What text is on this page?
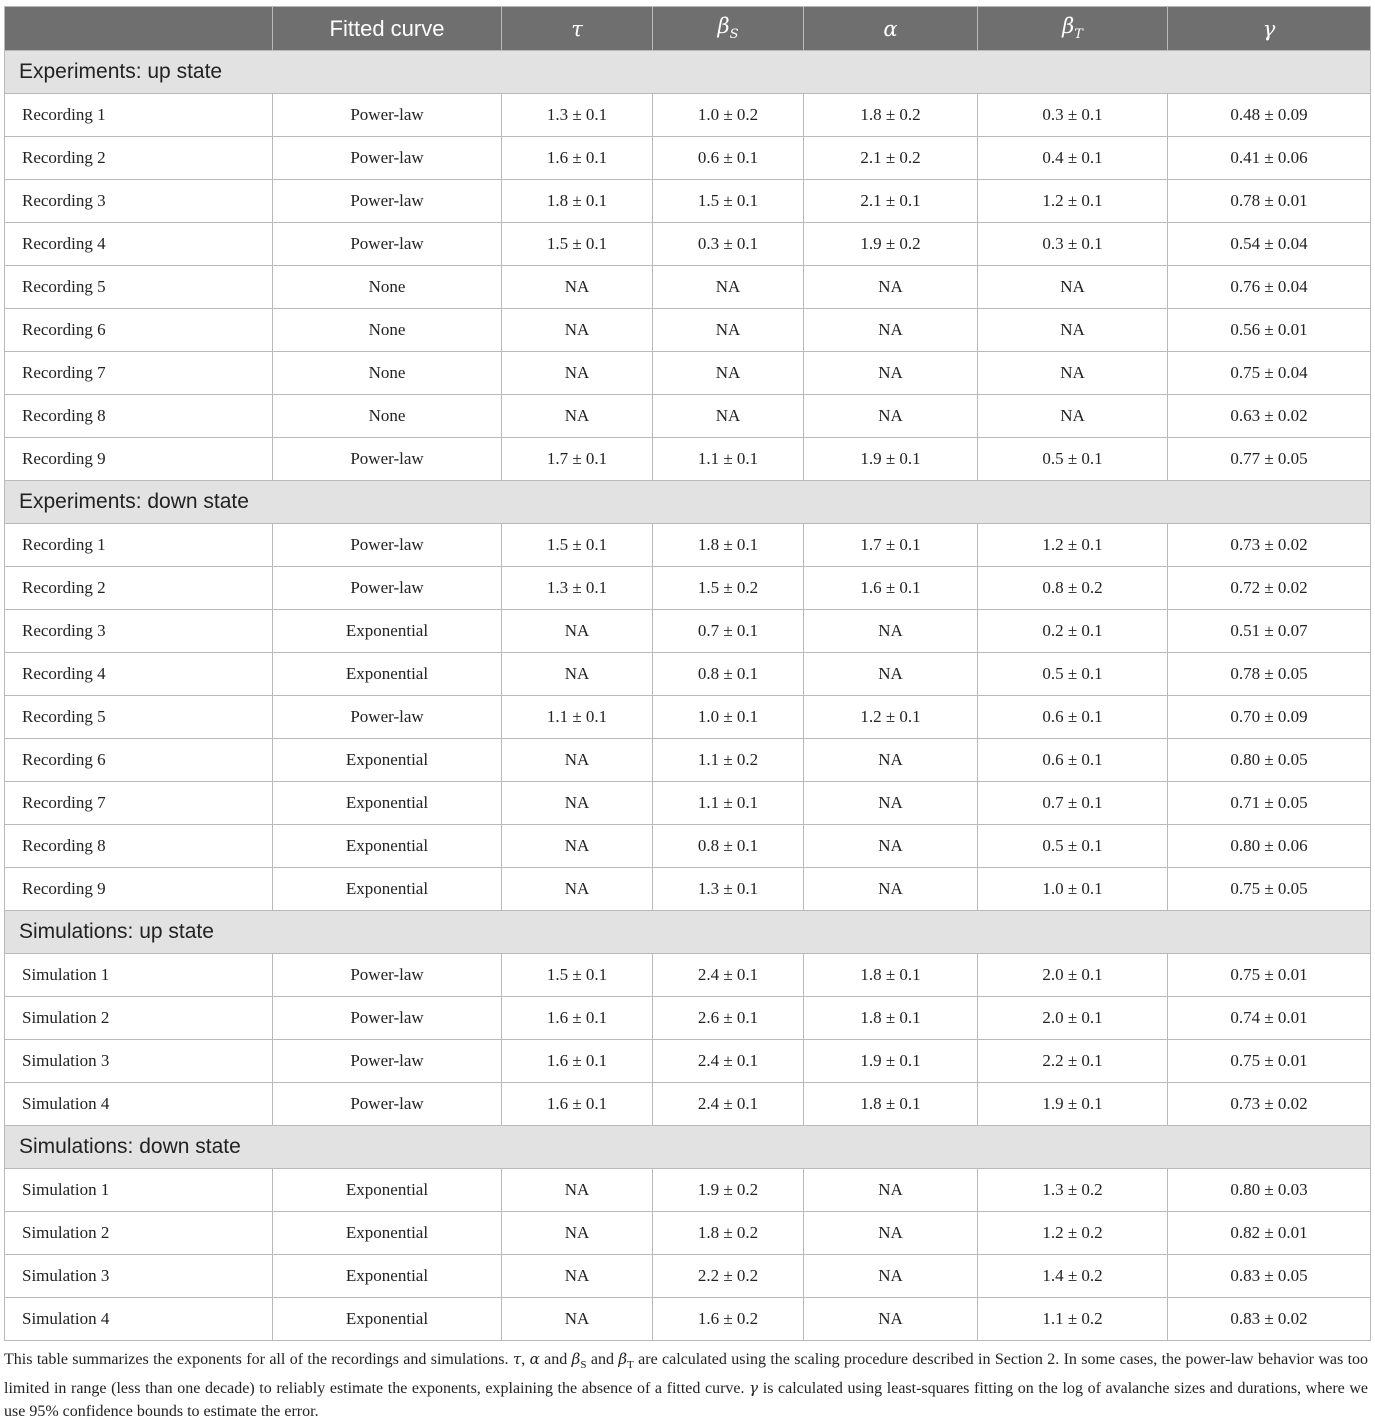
	Fitted curve	τ	$\beta_S$	α	$\beta_T$	γ
Experiments: up state						
Recording 1	Power-law	1.3 ± 0.1	1.0 ± 0.2	1.8 ± 0.2	0.3 ± 0.1	0.48 ± 0.09
Recording 2	Power-law	1.6 ± 0.1	0.6 ± 0.1	2.1 ± 0.2	0.4 ± 0.1	0.41 ± 0.06
Recording 3	Power-law	1.8 ± 0.1	1.5 ± 0.1	2.1 ± 0.1	1.2 ± 0.1	0.78 ± 0.01
Recording 4	Power-law	1.5 ± 0.1	0.3 ± 0.1	1.9 ± 0.2	0.3 ± 0.1	0.54 ± 0.04
Recording 5	None	NA	NA	NA	NA	0.76 ± 0.04
Recording 6	None	NA	NA	NA	NA	0.56 ± 0.01
Recording 7	None	NA	NA	NA	NA	0.75 ± 0.04
Recording 8	None	NA	NA	NA	NA	0.63 ± 0.02
Recording 9	Power-law	1.7 ± 0.1	1.1 ± 0.1	1.9 ± 0.1	0.5 ± 0.1	0.77 ± 0.05
Experiments: down state						
Recording 1	Power-law	1.5 ± 0.1	1.8 ± 0.1	1.7 ± 0.1	1.2 ± 0.1	0.73 ± 0.02
Recording 2	Power-law	1.3 ± 0.1	1.5 ± 0.2	1.6 ± 0.1	0.8 ± 0.2	0.72 ± 0.02
Recording 3	Exponential	NA	0.7 ± 0.1	NA	0.2 ± 0.1	0.51 ± 0.07
Recording 4	Exponential	NA	0.8 ± 0.1	NA	0.5 ± 0.1	0.78 ± 0.05
Recording 5	Power-law	1.1 ± 0.1	1.0 ± 0.1	1.2 ± 0.1	0.6 ± 0.1	0.70 ± 0.09
Recording 6	Exponential	NA	1.1 ± 0.2	NA	0.6 ± 0.1	0.80 ± 0.05
Recording 7	Exponential	NA	1.1 ± 0.1	NA	0.7 ± 0.1	0.71 ± 0.05
Recording 8	Exponential	NA	0.8 ± 0.1	NA	0.5 ± 0.1	0.80 ± 0.06
Recording 9	Exponential	NA	1.3 ± 0.1	NA	1.0 ± 0.1	0.75 ± 0.05
Simulations: up state						
Simulation 1	Power-law	1.5 ± 0.1	2.4 ± 0.1	1.8 ± 0.1	2.0 ± 0.1	0.75 ± 0.01
Simulation 2	Power-law	1.6 ± 0.1	2.6 ± 0.1	1.8 ± 0.1	2.0 ± 0.1	0.74 ± 0.01
Simulation 3	Power-law	1.6 ± 0.1	2.4 ± 0.1	1.9 ± 0.1	2.2 ± 0.1	0.75 ± 0.01
Simulation 4	Power-law	1.6 ± 0.1	2.4 ± 0.1	1.8 ± 0.1	1.9 ± 0.1	0.73 ± 0.02
Simulations: down state						
Simulation 1	Exponential	NA	1.9 ± 0.2	NA	1.3 ± 0.2	0.80 ± 0.03
Simulation 2	Exponential	NA	1.8 ± 0.2	NA	1.2 ± 0.2	0.82 ± 0.01
Simulation 3	Exponential	NA	2.2 ± 0.2	NA	1.4 ± 0.2	0.83 ± 0.05
Simulation 4	Exponential	NA	1.6 ± 0.2	NA	1.1 ± 0.2	0.83 ± 0.02
This table summarizes the exponents for all of the recordings and simulations. τ, α and $\beta_S$ and $\beta_T$ are calculated using the scaling procedure described in Section 2. In some cases, the power-law behavior was too limited in range (less than one decade) to reliably estimate the exponents, explaining the absence of a fitted curve. γ is calculated using least-squares fitting on the log of avalanche sizes and durations, where we use 95% confidence bounds to estimate the error.
